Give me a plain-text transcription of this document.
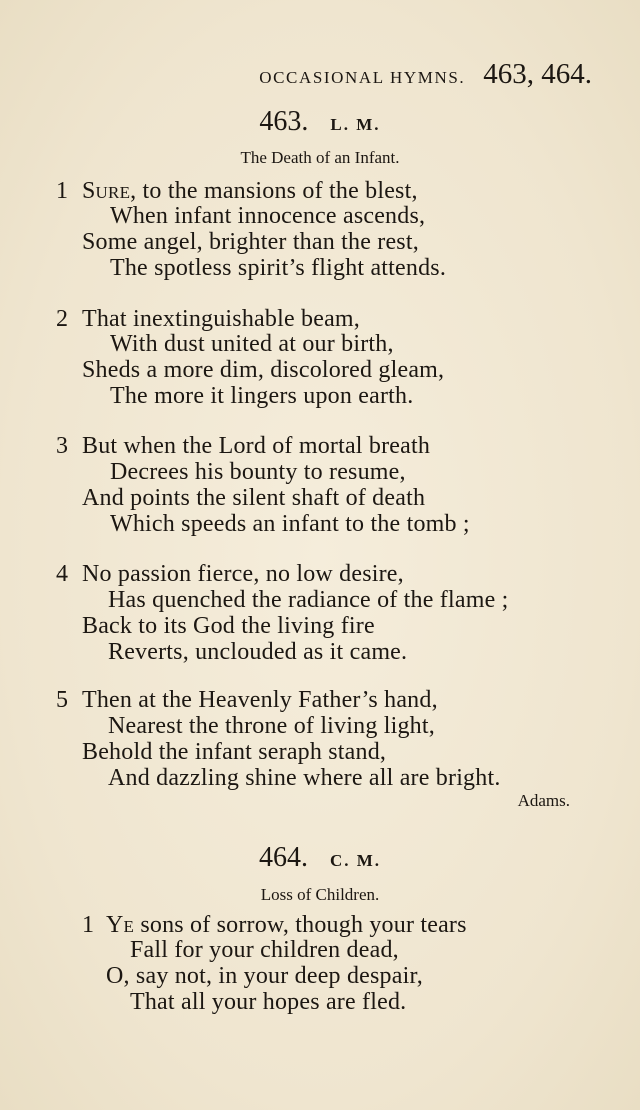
OCCASIONAL HYMNS. 463, 464.
463. L. M.
The Death of an Infant.
1 Sure, to the mansions of the blest,
When infant innocence ascends,
Some angel, brighter than the rest,
The spotless spirit’s flight attends.
2 That inextinguishable beam,
With dust united at our birth,
Sheds a more dim, discolored gleam,
The more it lingers upon earth.
3 But when the Lord of mortal breath
Decrees his bounty to resume,
And points the silent shaft of death
Which speeds an infant to the tomb ;
4 No passion fierce, no low desire,
Has quenched the radiance of the flame ;
Back to its God the living fire
Reverts, unclouded as it came.
5 Then at the Heavenly Father’s hand,
Nearest the throne of living light,
Behold the infant seraph stand,
And dazzling shine where all are bright.
Adams.
464. C. M.
Loss of Children.
1 Ye sons of sorrow, though your tears
Fall for your children dead,
O, say not, in your deep despair,
That all your hopes are fled.
